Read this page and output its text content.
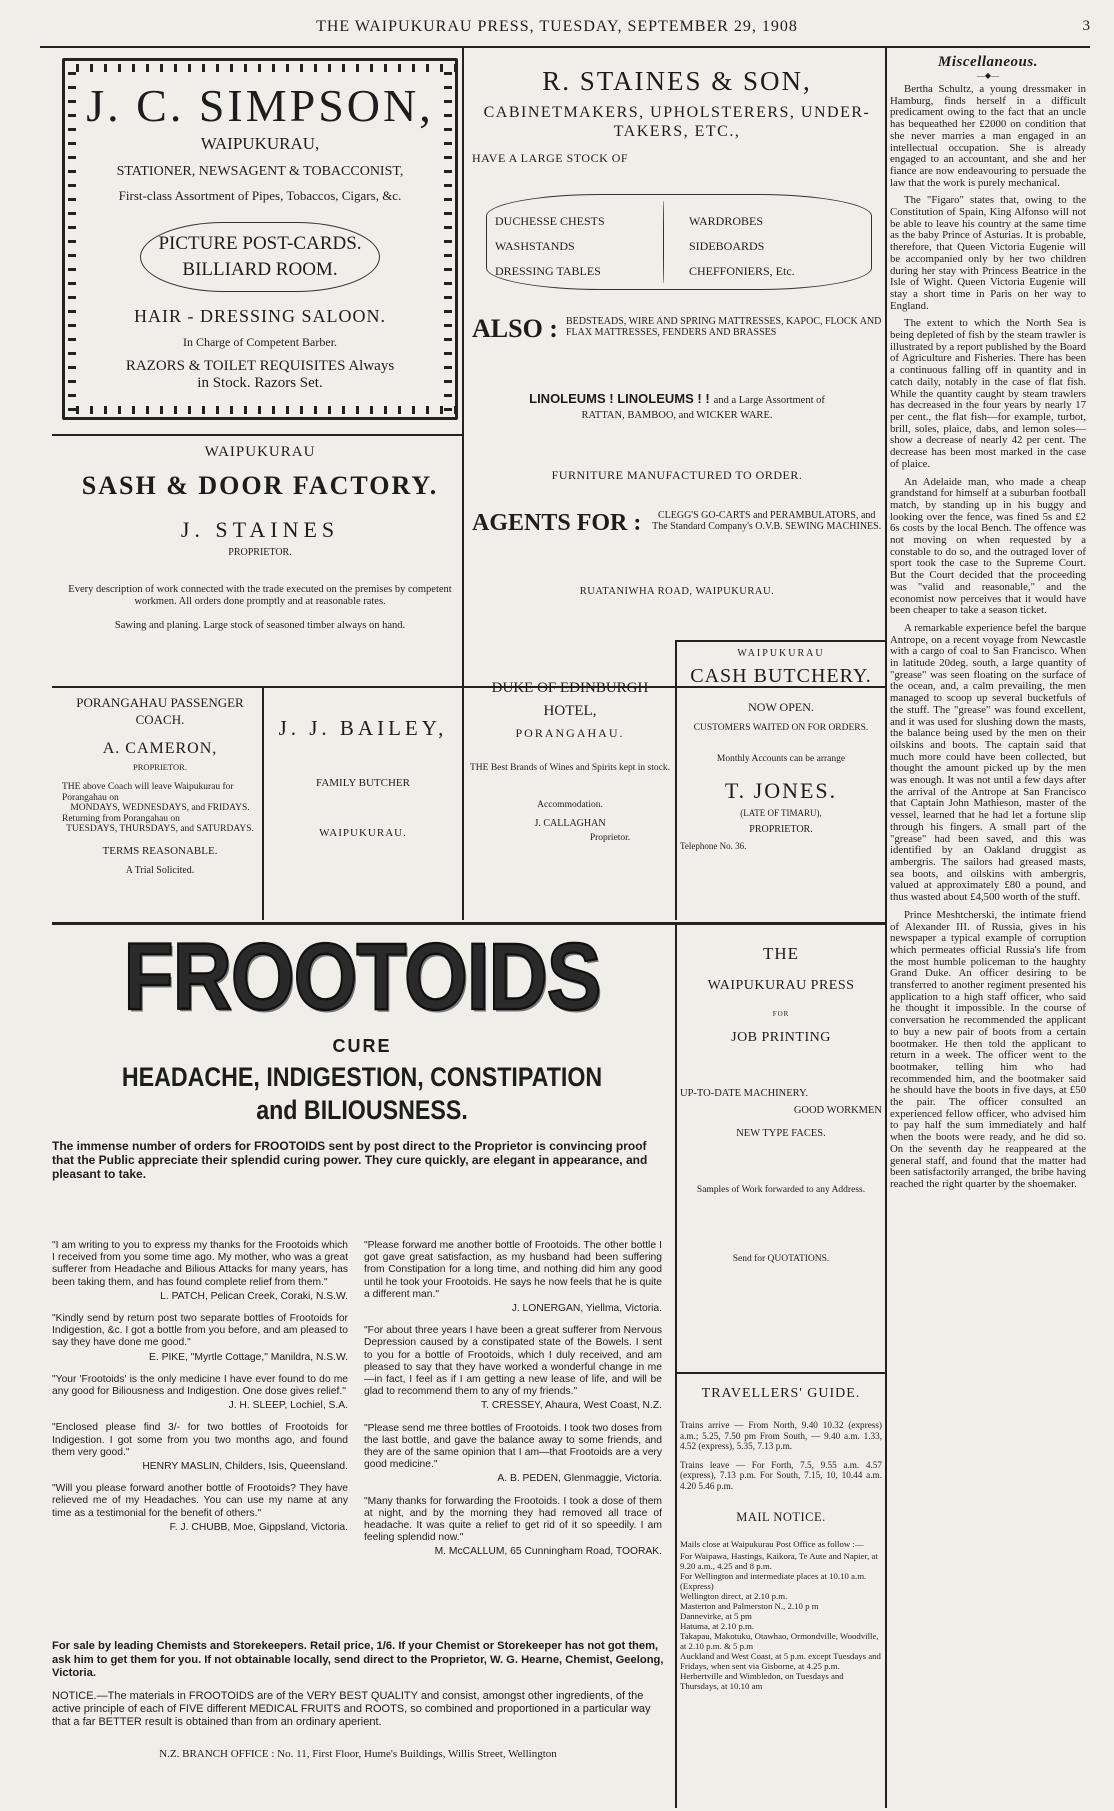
THE WAIPUKURAU PRESS, TUESDAY, SEPTEMBER 29, 1908	3
J. C. SIMPSON,
WAIPUKURAU,
STATIONER, NEWSAGENT & TOBACCONIST,
First-class Assortment of Pipes, Tobaccos, Cigars, &c.
PICTURE POST-CARDS.
BILLIARD ROOM.
HAIR - DRESSING SALOON.
In Charge of Competent Barber.
RAZORS & TOILET REQUISITES Always
in Stock. Razors Set.
WAIPUKURAU
SASH & DOOR FACTORY.
J. STAINES
PROPRIETOR.
Every description of work connected with the trade executed on the premises by competent workmen. All orders done promptly and at reasonable rates.
Sawing and planing. Large stock of seasoned timber always on hand.
R. STAINES & SON,
CABINETMAKERS, UPHOLSTERERS, UNDER-TAKERS, ETC.,
HAVE A LARGE STOCK OF
DUCHESSE CHESTS
WASHSTANDS
DRESSING TABLES
WARDROBES
SIDEBOARDS
CHEFFONIERS, Etc.
ALSO : BEDSTEADS, WIRE AND SPRING MATTRESSES, KAPOC, FLOCK AND FLAX MATTRESSES, FENDERS AND BRASSES
LINOLEUMS ! LINOLEUMS ! ! and a Large Assortment of
RATTAN, BAMBOO, and WICKER WARE.
FURNITURE MANUFACTURED TO ORDER.
AGENTS FOR :	CLEGG'S GO-CARTS and PERAMBULATORS, and The Standard Company's O.V.B. SEWING MACHINES.
RUATANIWHA ROAD, WAIPUKURAU.
PORANGAHAU PASSENGER COACH.
A. CAMERON,
PROPRIETOR.
THE above Coach will leave Waipukurau for Porangahau on
MONDAYS, WEDNESDAYS, and FRIDAYS.
Returning from Porangahau on
TUESDAYS, THURSDAYS, and SATURDAYS.
TERMS REASONABLE.
A Trial Solicited.
J. J. BAILEY,
FAMILY BUTCHER
WAIPUKURAU.
DUKE OF EDINBURGH
HOTEL,
PORANGAHAU.
THE Best Brands of Wines and Spirits kept in stock.
Accommodation.
J. CALLAGHAN
Proprietor.
WAIPUKURAU
CASH BUTCHERY.
NOW OPEN.
CUSTOMERS WAITED ON FOR ORDERS.
Monthly Accounts can be arrange
T. JONES.
(LATE OF TIMARU),
PROPRIETOR.
Telephone No. 36.
FROOTOIDS
CURE
HEADACHE, INDIGESTION, CONSTIPATION
and BILIOUSNESS.
The immense number of orders for FROOTOIDS sent by post direct to the Proprietor is convincing proof that the Public appreciate their splendid curing power. They cure quickly, are elegant in appearance, and pleasant to take.
"I am writing to you to express my thanks for the Frootoids which I received from you some time ago. My mother, who was a great sufferer from Headache and Bilious Attacks for many years, has been taking them, and has found complete relief from them."
L. PATCH, Pelican Creek, Coraki, N.S.W.
"Kindly send by return post two separate bottles of Frootoids for Indigestion, &c. I got a bottle from you before, and am pleased to say they have done me good."
E. PIKE, "Myrtle Cottage," Manildra, N.S.W.
"Your 'Frootoids' is the only medicine I have ever found to do me any good for Biliousness and Indigestion. One dose gives relief."
J. H. SLEEP, Lochiel, S.A.
"Enclosed please find 3/- for two bottles of Frootoids for Indigestion. I got some from you two months ago, and found them very good."
HENRY MASLIN, Childers, Isis, Queensland.
"Will you please forward another bottle of Frootoids? They have relieved me of my Headaches. You can use my name at any time as a testimonial for the benefit of others."
F. J. CHUBB, Moe, Gippsland, Victoria.
"Please forward me another bottle of Frootoids. The other bottle I got gave great satisfaction, as my husband had been suffering from Constipation for a long time, and nothing did him any good until he took your Frootoids. He says he now feels that he is quite a different man."
J. LONERGAN, Yiellma, Victoria.
"For about three years I have been a great sufferer from Nervous Depression caused by a constipated state of the Bowels. I sent to you for a bottle of Frootoids, which I duly received, and am pleased to say that they have worked a wonderful change in me—in fact, I feel as if I am getting a new lease of life, and will be glad to recommend them to any of my friends."
T. CRESSEY, Ahaura, West Coast, N.Z.
"Please send me three bottles of Frootoids. I took two doses from the last bottle, and gave the balance away to some friends, and they are of the same opinion that I am—that Frootoids are a very good medicine."
A. B. PEDEN, Glenmaggie, Victoria.
"Many thanks for forwarding the Frootoids. I took a dose of them at night, and by the morning they had removed all trace of headache. It was quite a relief to get rid of it so speedily. I am feeling splendid now."
M. McCALLUM, 65 Cunningham Road, TOORAK.
For sale by leading Chemists and Storekeepers. Retail price, 1/6. If your Chemist or Storekeeper has not got them, ask him to get them for you. If not obtainable locally, send direct to the Proprietor, W. G. Hearne, Chemist, Geelong, Victoria.
NOTICE.—The materials in FROOTOIDS are of the VERY BEST QUALITY and consist, amongst other ingredients, of the active principle of each of FIVE different MEDICAL FRUITS and ROOTS, so combined and proportioned in a particular way that a far BETTER result is obtained than from an ordinary aperient.
N.Z. BRANCH OFFICE : No. 11, First Floor, Hume's Buildings, Willis Street, Wellington
THE
WAIPUKURAU PRESS
FOR
JOB PRINTING
UP-TO-DATE MACHINERY.
GOOD WORKMEN
NEW TYPE FACES.
Samples of Work forwarded to any Address.
Send for QUOTATIONS.
TRAVELLERS' GUIDE.
Trains arrive — From North, 9.40 10.32 (express) a.m.; 5.25, 7.50 pm From South, — 9.40 a.m. 1.33, 4.52 (express), 5.35, 7.13 p.m.
Trains leave — For Forth, 7.5, 9.55 a.m. 4.57 (express), 7.13 p.m. For South, 7.15, 10, 10.44 a.m. 4.20 5.46 p.m.
MAIL NOTICE.
Mails close at Waipukurau Post Office as follow :—
For Waipawa, Hastings, Kaikora, Te Aute and Napier, at 9.20 a.m., 4.25 and 8 p.m.
For Wellington and intermediate places at 10.10 a.m. (Express)
Wellington direct, at 2.10 p.m.
Masterton and Palmerston N., 2.10 p m
Dannevirke, at 5 pm
Hatuma, at 2.10 p.m.
Takapau, Makotuku, Otawhao, Ormondville, Woodville, at 2.10 p.m. & 5 p.m
Auckland and West Coast, at 5 p.m. except Tuesdays and Fridays, when sent via Gisborne, at 4.25 p.m.
Herbertville and Wimbledon, on Tuesdays and Thursdays, at 10.10 am
Miscellaneous.
—◆—
Bertha Schultz, a young dressmaker in Hamburg, finds herself in a difficult predicament owing to the fact that an uncle has bequeathed her £2000 on condition that she never marries a man engaged in an intellectual occupation. She is already engaged to an accountant, and she and her fiance are now endeavouring to persuade the law that the work is purely mechanical.
The "Figaro" states that, owing to the Constitution of Spain, King Alfonso will not be able to leave his country at the same time as the baby Prince of Asturias. It is probable, therefore, that Queen Victoria Eugenie will be accompanied only by her two children during her stay with Princess Beatrice in the Isle of Wight. Queen Victoria Eugenie will stay a short time in Paris on her way to England.
The extent to which the North Sea is being depleted of fish by the steam trawler is illustrated by a report published by the Board of Agriculture and Fisheries. There has been a continuous falling off in quantity and in catch daily, notably in the case of flat fish. While the quantity caught by steam trawlers has decreased in the four years by nearly 17 per cent., the flat fish—for example, turbot, brill, soles, plaice, dabs, and lemon soles—show a decrease of nearly 42 per cent. The decrease has been most marked in the case of plaice.
An Adelaide man, who made a cheap grandstand for himself at a suburban football match, by standing up in his buggy and looking over the fence, was fined 5s and £2 6s costs by the local Bench. The offence was not moving on when requested by a constable to do so, and the outraged lover of sport took the case to the Supreme Court. But the Court decided that the proceeding was "valid and reasonable," and the economist now perceives that it would have been cheaper to take a season ticket.
A remarkable experience befel the barque Antrope, on a recent voyage from Newcastle with a cargo of coal to San Francisco. When in latitude 20deg. south, a large quantity of "grease" was seen floating on the surface of the ocean, and, a calm prevailing, the men managed to scoop up several bucketfuls of the stuff. The "grease" was found excellent, and it was used for slushing down the masts, the balance being used by the men on their oilskins and boots. The captain said that much more could have been collected, but thought the amount picked up by the men was enough. It was not until a few days after the arrival of the Antrope at San Francisco that Captain John Mathieson, master of the vessel, learned that he had let a fortune slip through his fingers. A small part of the "grease" had been saved, and this was identified by an Oakland druggist as ambergris. The sailors had greased masts, sea boots, and oilskins with ambergris, valued at approximately £80 a pound, and thus wasted about £4,500 worth of the stuff.
Prince Meshtcherski, the intimate friend of Alexander III. of Russia, gives in his newspaper a typical example of corruption which permeates official Russia's life from the most humble policeman to the haughty Grand Duke. An officer desiring to be transferred to another regiment presented his application to a high staff officer, who said he thought it impossible. In the course of conversation he recommended the applicant to buy a new pair of boots from a certain bootmaker. He then told the applicant to return in a week. The officer went to the bootmaker, telling him who had recommended him, and the bootmaker said he should have the boots in five days, at £50 the pair. The officer consulted an experienced fellow officer, who advised him to pay half the sum immediately and half when the boots were ready, and he did so. On the seventh day he reappeared at the general staff, and found that the matter had been satisfactorily arranged, the bribe having reached the right quarter by the shoemaker.
